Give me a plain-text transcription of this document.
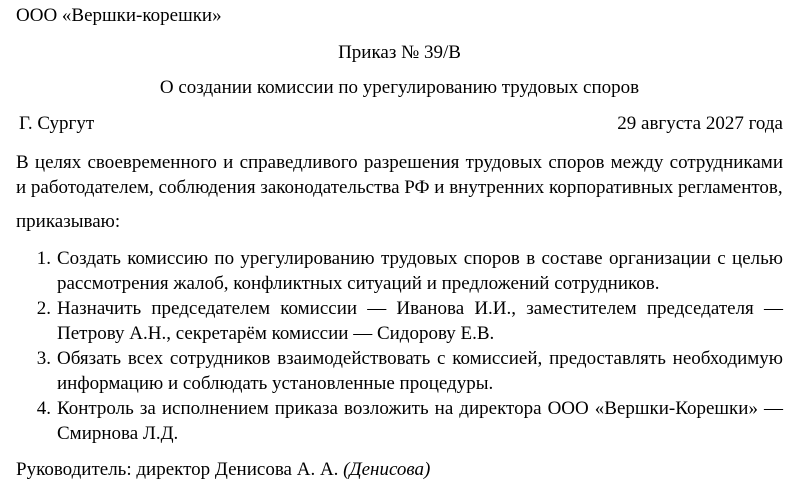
ООО «Вершки-корешки»

Приказ № 39/В

О создании комиссии по урегулированию трудовых споров

Г. Сургут	29 августа 2027 года

В целях своевременного и справедливого разрешения трудовых споров между сотрудниками и работодателем, соблюдения законодательства РФ и внутренних корпоративных регламентов,

приказываю:

1. Создать комиссию по урегулированию трудовых споров в составе организации с целью рассмотрения жалоб, конфликтных ситуаций и предложений сотрудников.
2. Назначить председателем комиссии — Иванова И.И., заместителем председателя — Петрову А.Н., секретарём комиссии — Сидорову Е.В.
3. Обязать всех сотрудников взаимодействовать с комиссией, предоставлять необходимую информацию и соблюдать установленные процедуры.
4. Контроль за исполнением приказа возложить на директора ООО «Вершки-Корешки» — Смирнова Л.Д.

Руководитель: директор Денисова А. А. (Денисова)
